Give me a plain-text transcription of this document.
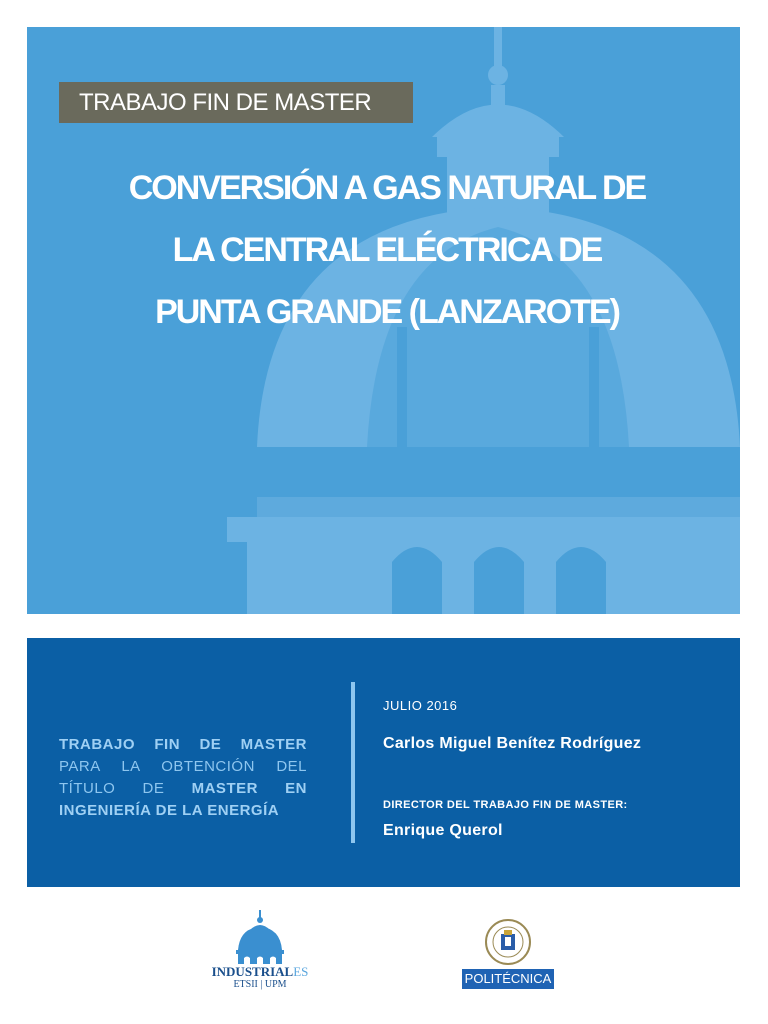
TRABAJO FIN DE MASTER
CONVERSIÓN A GAS NATURAL DE
LA CENTRAL ELÉCTRICA DE
PUNTA GRANDE (LANZAROTE)

TRABAJO FIN DE MASTER

PARA LA OBTENCIÓN DEL

TÍTULO DE MASTER EN

INGENIERÍA DE LA ENERGÍA

JULIO 2016
Carlos Miguel Benítez Rodríguez
DIRECTOR DEL TRABAJO FIN DE MASTER:
Enrique Querol
INDUSTRIALES
ETSII | UPM	POLITÉCNICA
